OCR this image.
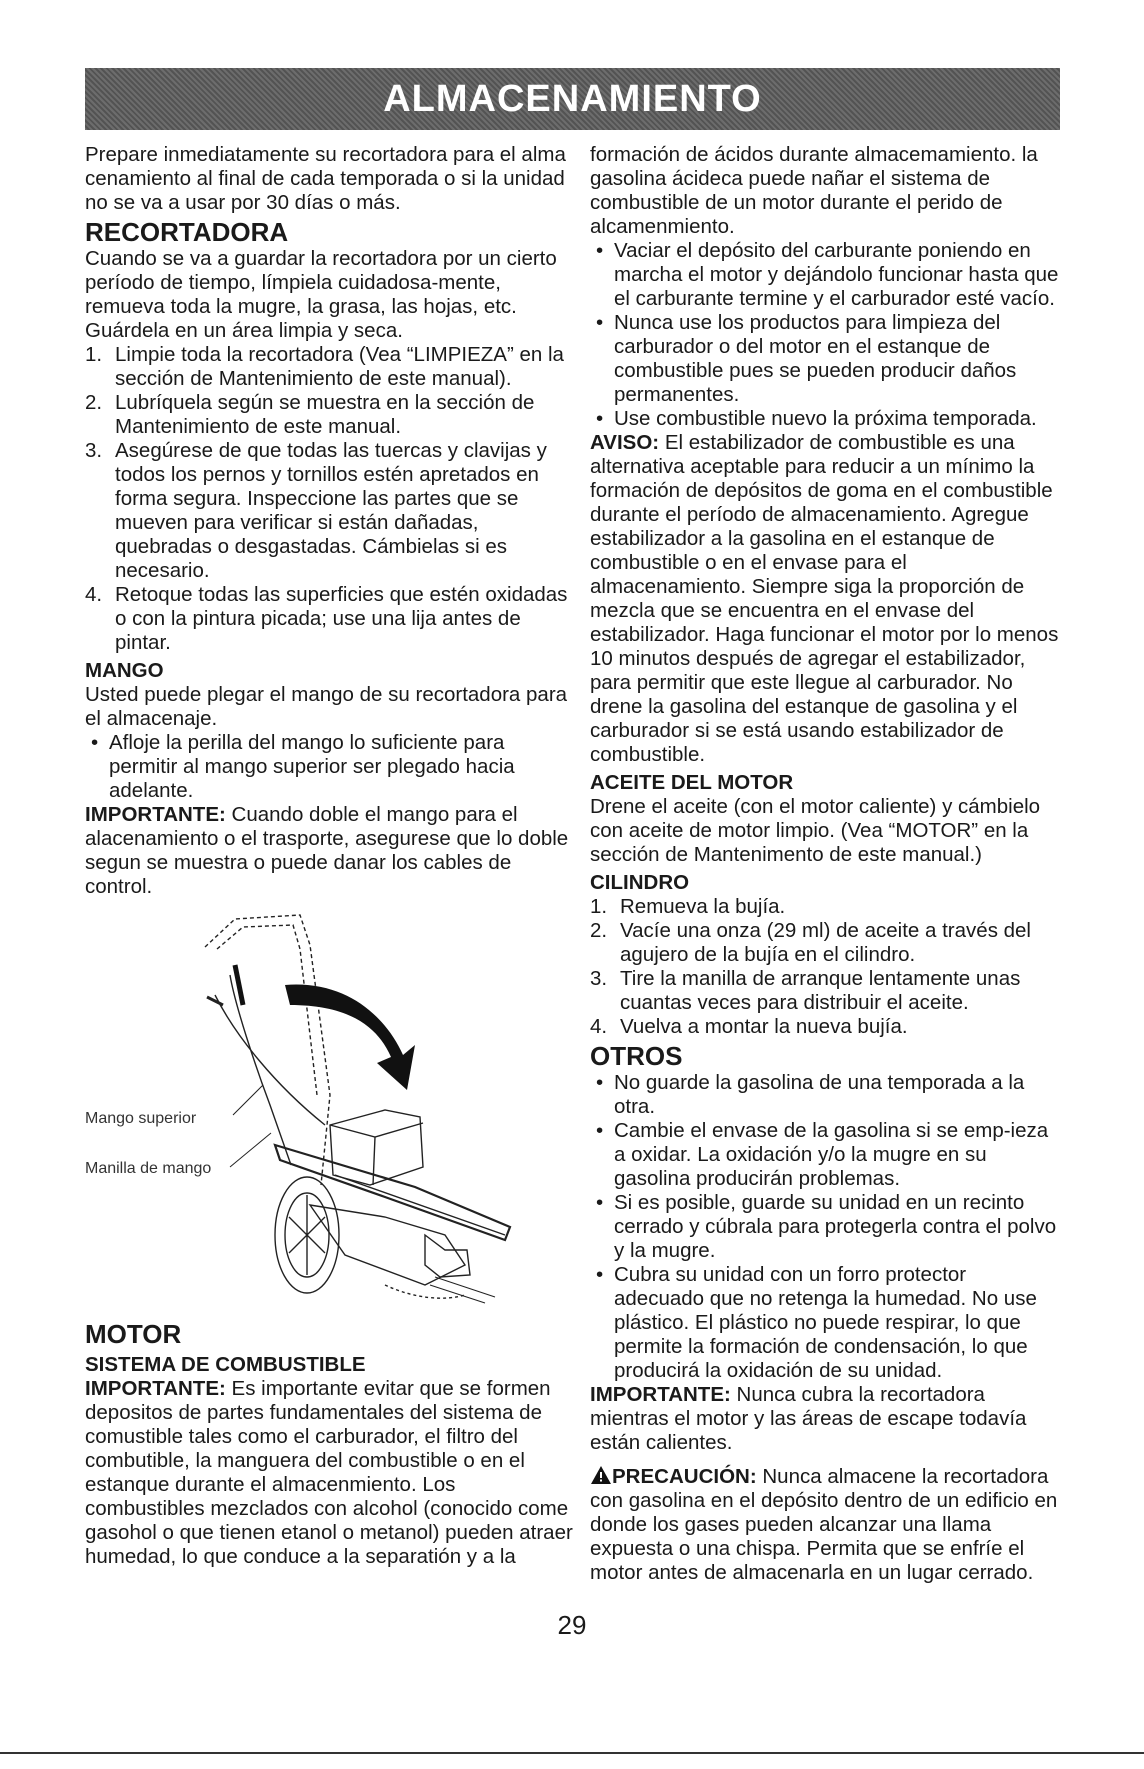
ALMACENAMIENTO

Prepare inmediatamente su recortadora para el alma cenamiento al final de cada temporada o si la unidad no se va a usar por 30 días o más.

RECORTADORA

Cuando se va a guardar la recortadora por un cierto período de tiempo, límpiela cuidadosa-mente, remueva toda la mugre, la grasa, las hojas, etc. Guárdela en un área limpia y seca.

1. Limpie toda la recortadora (Vea “LIMPIEZA” en la sección de Mantenimiento de este manual).
2. Lubríquela según se muestra en la sección de Mantenimiento de este manual.
3. Asegúrese de que todas las tuercas y clavijas y todos los pernos y tornillos estén apretados en forma segura. Inspeccione las partes que se mueven para verificar si están dañadas, quebradas o desgastadas. Cámbielas si es necesario.
4. Retoque todas las superficies que estén oxidadas o con la pintura picada; use una lija antes de pintar.

MANGO

Usted puede plegar el mango de su recortadora para el almacenaje.

• Afloje la perilla del mango lo suficiente para permitir al mango superior ser plegado hacia adelante.

IMPORTANTE: Cuando doble el mango para el alacenamiento o el trasporte, asegurese que lo doble segun se muestra o puede danar los cables de control.

Mango superior
Manilla de mango

MOTOR

SISTEMA DE COMBUSTIBLE

IMPORTANTE: Es importante evitar que se formen depositos de partes fundamentales del sistema de comustible tales como el carburador, el filtro del combutible, la manguera del combustible o en el estanque durante el almacenmiento. Los combustibles mezclados con alcohol (conocido come gasohol o que tienen etanol o metanol) pueden atraer humedad, lo que conduce a la separatión y a la

formación de ácidos durante almacemamiento. la gasolina ácideca puede nañar el sistema de combustible de un motor durante el perido de alcamenmiento.

• Vaciar el depósito del carburante poniendo en marcha el motor y dejándolo funcionar hasta que el carburante termine y el carburador esté vacío.
• Nunca use los productos para limpieza del carburador o del motor en el estanque de combustible pues se pueden producir daños permanentes.
• Use combustible nuevo la próxima temporada.

AVISO: El estabilizador de combustible es una alternativa aceptable para reducir a un mínimo la formación de depósitos de goma en el combustible durante el período de almacenamiento. Agregue estabilizador a la gasolina en el estanque de combustible o en el envase para el almacenamiento. Siempre siga la proporción de mezcla que se encuentra en el envase del estabilizador. Haga funcionar el motor por lo menos 10 minutos después de agregar el estabilizador, para permitir que este llegue al carburador. No drene la gasolina del estanque de gasolina y el carburador si se está usando estabilizador de combustible.

ACEITE DEL MOTOR

Drene el aceite (con el motor caliente) y cámbielo con aceite de motor limpio. (Vea “MOTOR” en la sección de Mantenimento de este manual.)

CILINDRO

1. Remueva la bujía.
2. Vacíe una onza (29 ml) de aceite a través del agujero de la bujía en el cilindro.
3. Tire la manilla de arranque lentamente unas cuantas veces para distribuir el aceite.
4. Vuelva a montar la nueva bujía.

OTROS

• No guarde la gasolina de una temporada a la otra.
• Cambie el envase de la gasolina si se emp-ieza a oxidar. La oxidación y/o la mugre en su gasolina producirán problemas.
• Si es posible, guarde su unidad en un recinto cerrado y cúbrala para protegerla contra el polvo y la mugre.
• Cubra su unidad con un forro protector adecuado que no retenga la humedad. No use plástico. El plástico no puede respirar, lo que permite la formación de condensación, lo que producirá la oxidación de su unidad.

IMPORTANTE: Nunca cubra la recortadora mientras el motor y las áreas de escape todavía están calientes.

PRECAUCIÓN: Nunca almacene la recortadora con gasolina en el depósito dentro de un edificio en donde los gases pueden alcanzar una llama expuesta o una chispa. Permita que se enfríe el motor antes de almacenarla en un lugar cerrado.

29
